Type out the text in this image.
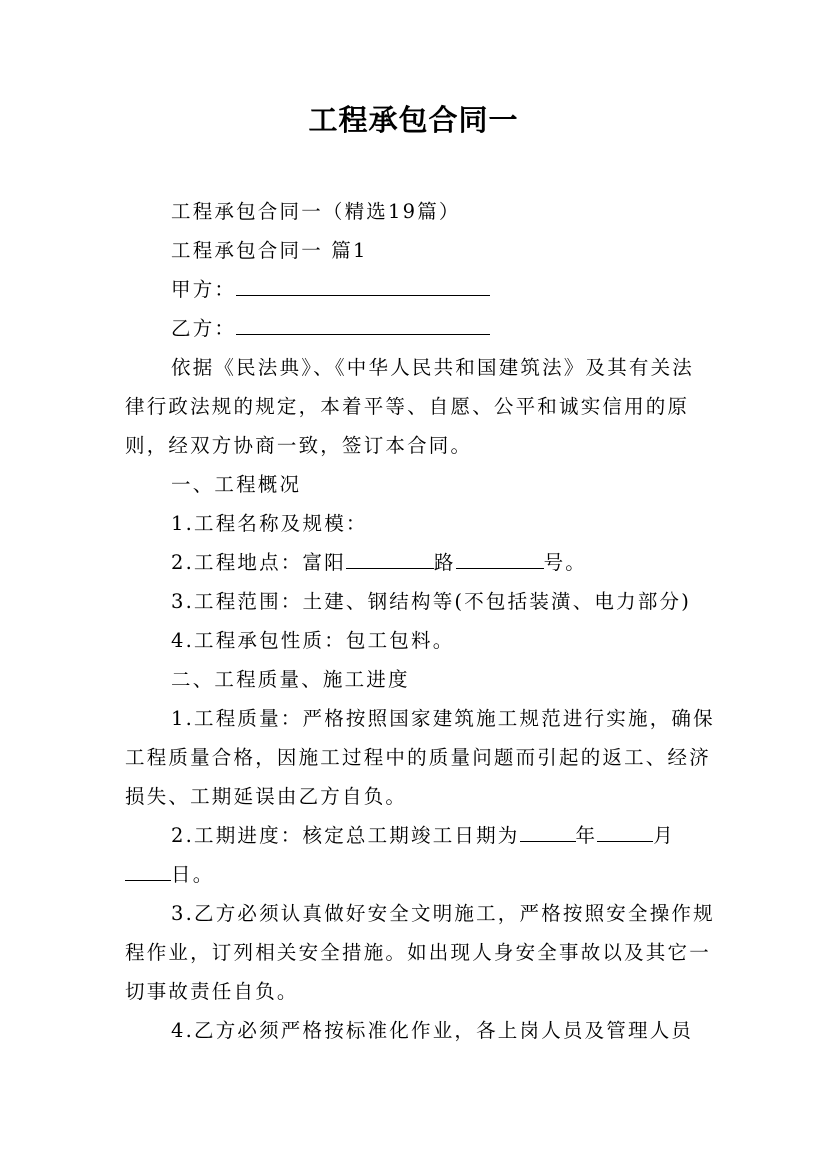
工程承包合同一

工程承包合同一（精选19篇）

工程承包合同一 篇1

甲方：

乙方：

依据《民法典》、《中华人民共和国建筑法》及其有关法律行政法规的规定，本着平等、自愿、公平和诚实信用的原则，经双方协商一致，签订本合同。

一、工程概况

1.工程名称及规模：

2.工程地点：富阳	路	号。

3.工程范围：土建、钢结构等(不包括装潢、电力部分)

4.工程承包性质：包工包料。

二、工程质量、施工进度

1.工程质量：严格按照国家建筑施工规范进行实施，确保工程质量合格，因施工过程中的质量问题而引起的返工、经济损失、工期延误由乙方自负。

2.工期进度：核定总工期竣工日期为	年	月日。

3.乙方必须认真做好安全文明施工，严格按照安全操作规程作业，订列相关安全措施。如出现人身安全事故以及其它一切事故责任自负。

4.乙方必须严格按标准化作业，各上岗人员及管理人员
